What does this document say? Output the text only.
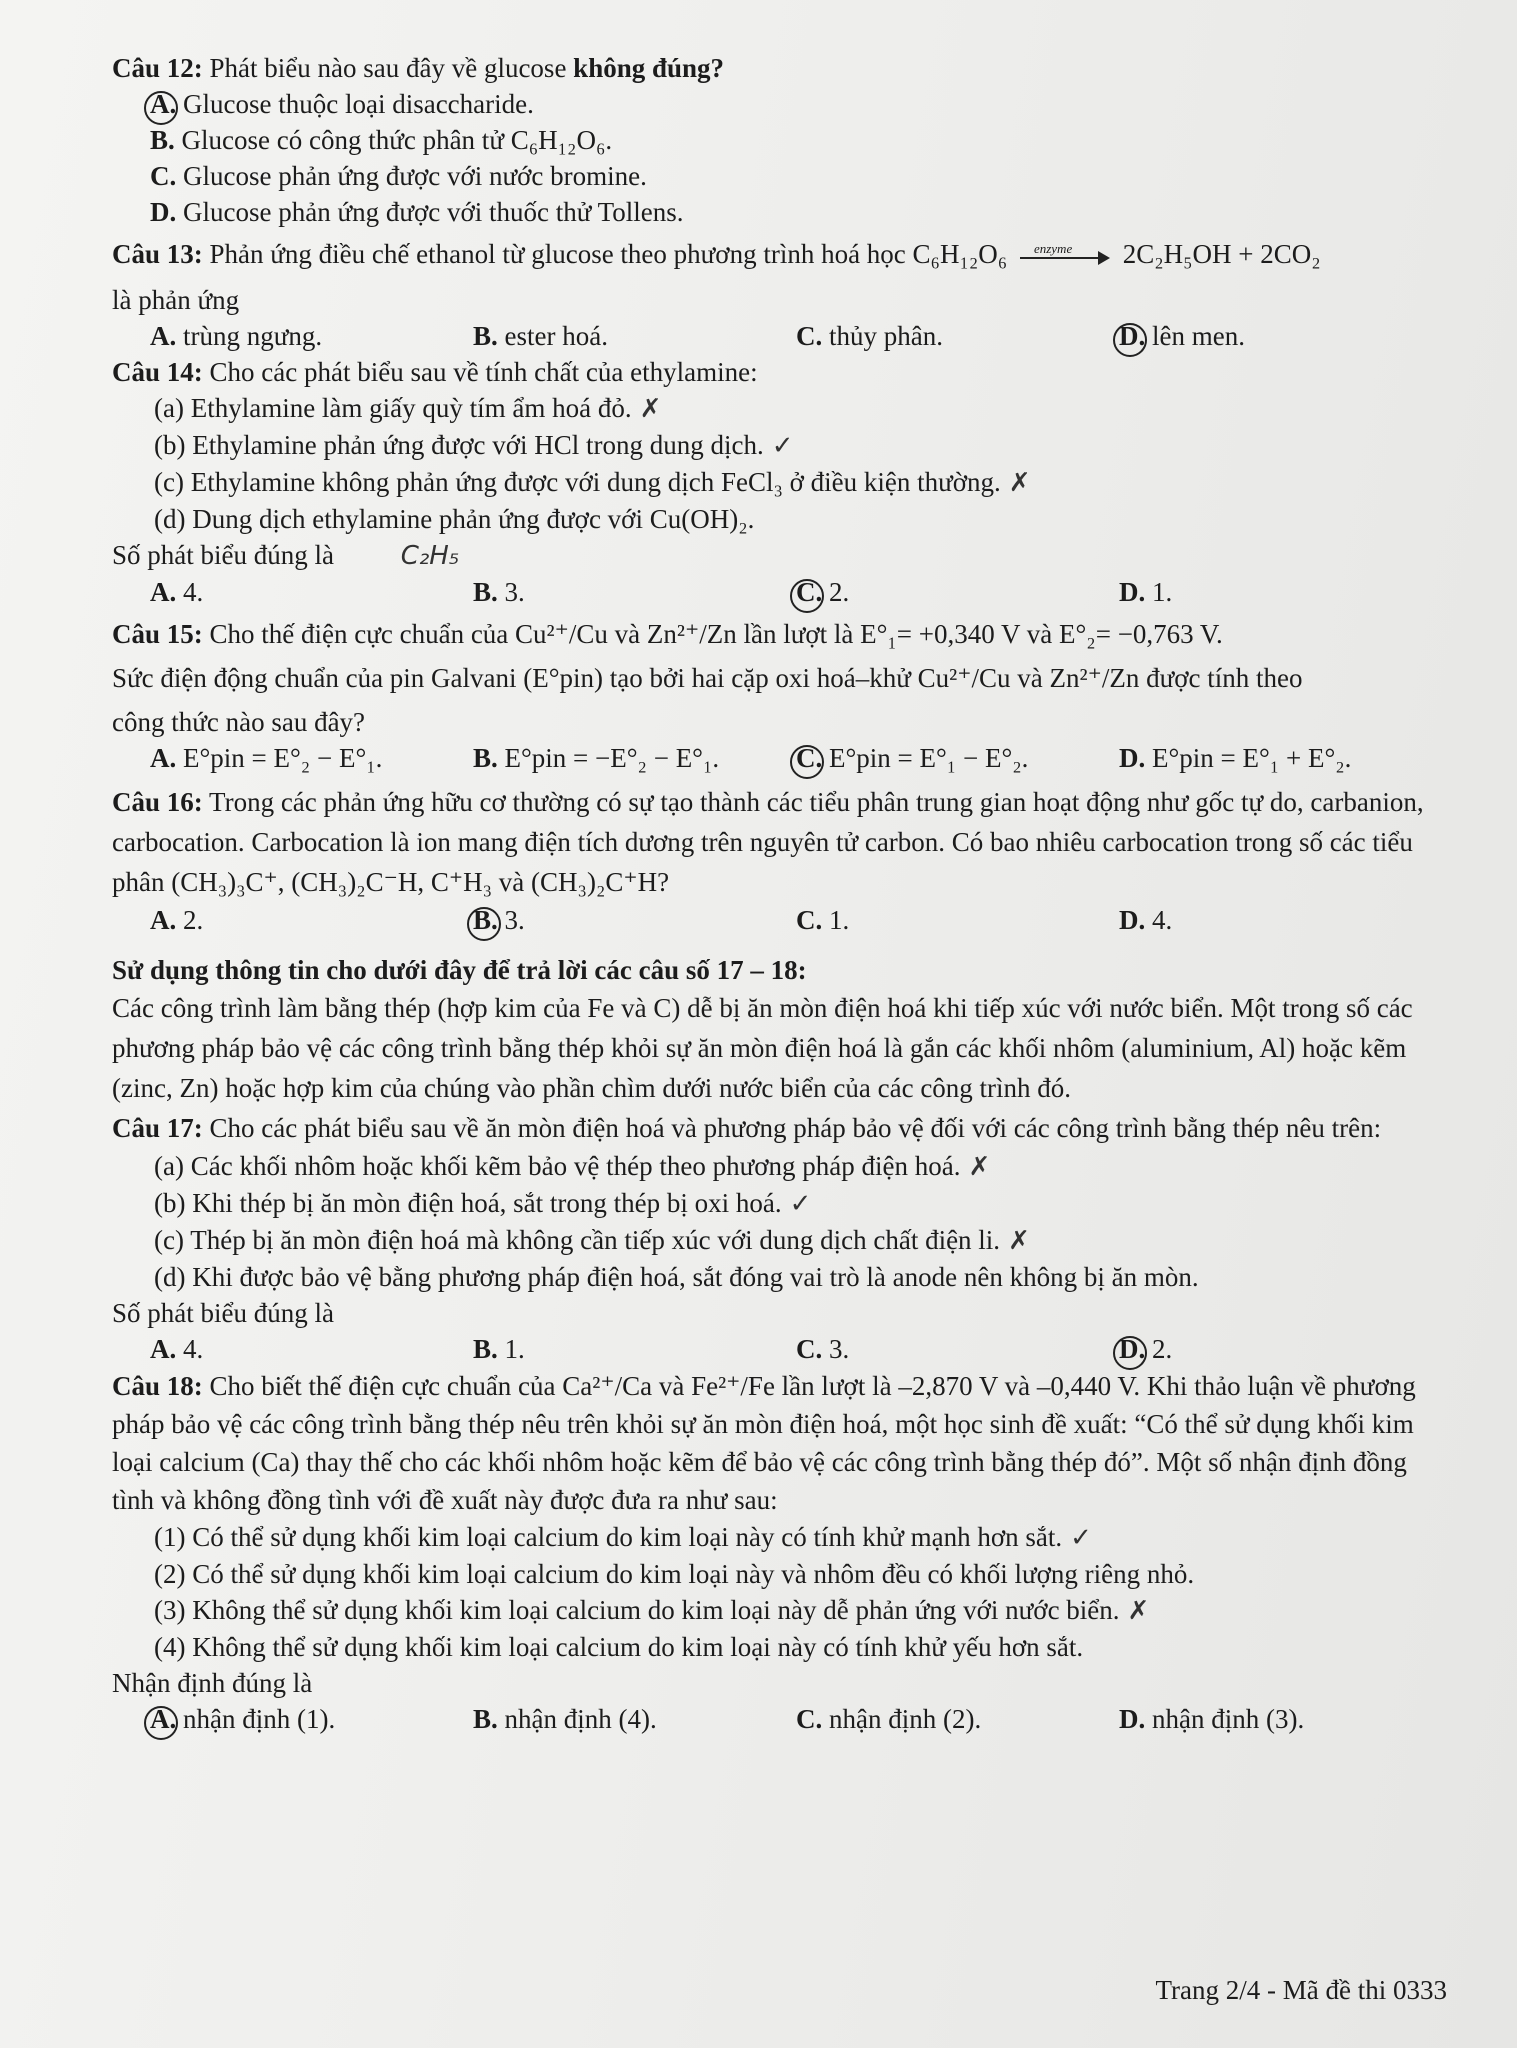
Câu 12: Phát biểu nào sau đây về glucose không đúng?

A. Glucose thuộc loại disaccharide.
B. Glucose có công thức phân tử C₆H₁₂O₆.
C. Glucose phản ứng được với nước bromine.
D. Glucose phản ứng được với thuốc thử Tollens.

Câu 13: Phản ứng điều chế ethanol từ glucose theo phương trình hoá học C₆H₁₂O₆ enzyme 2C₂H₅OH + 2CO₂

là phản ứng
A. trùng ngưng.	B. ester hoá.	C. thủy phân.	D. lên men.

Câu 14: Cho các phát biểu sau về tính chất của ethylamine:

(a) Ethylamine làm giấy quỳ tím ẩm hoá đỏ. ✗
(b) Ethylamine phản ứng được với HCl trong dung dịch. ✓
(c) Ethylamine không phản ứng được với dung dịch FeCl₃ ở điều kiện thường. ✗
(d) Dung dịch ethylamine phản ứng được với Cu(OH)₂.
Số phát biểu đúng là	C₂H₅
A. 4.	B. 3.	C. 2.	D. 1.

Câu 15: Cho thế điện cực chuẩn của Cu²⁺/Cu và Zn²⁺/Zn lần lượt là E°₁= +0,340 V và E°₂= −0,763 V.

Sức điện động chuẩn của pin Galvani (E°pin) tạo bởi hai cặp oxi hoá–khử Cu²⁺/Cu và Zn²⁺/Zn được tính theo
công thức nào sau đây?
A. E°pin = E°₂ − E°₁.	B. E°pin = −E°₂ − E°₁.	C. E°pin = E°₁ − E°₂.	D. E°pin = E°₁ + E°₂.

Câu 16: Trong các phản ứng hữu cơ thường có sự tạo thành các tiểu phân trung gian hoạt động như gốc tự do, carbanion, carbocation. Carbocation là ion mang điện tích dương trên nguyên tử carbon. Có bao nhiêu carbocation trong số các tiểu phân (CH₃)₃C⁺, (CH₃)₂C⁻H, C⁺H₃ và (CH₃)₂C⁺H?

A. 2.	B. 3.	C. 1.	D. 4.
Sử dụng thông tin cho dưới đây để trả lời các câu số 17 – 18:
Các công trình làm bằng thép (hợp kim của Fe và C) dễ bị ăn mòn điện hoá khi tiếp xúc với nước biển. Một trong số các phương pháp bảo vệ các công trình bằng thép khỏi sự ăn mòn điện hoá là gắn các khối nhôm (aluminium, Al) hoặc kẽm (zinc, Zn) hoặc hợp kim của chúng vào phần chìm dưới nước biển của các công trình đó.

Câu 17: Cho các phát biểu sau về ăn mòn điện hoá và phương pháp bảo vệ đối với các công trình bằng thép nêu trên:

(a) Các khối nhôm hoặc khối kẽm bảo vệ thép theo phương pháp điện hoá. ✗
(b) Khi thép bị ăn mòn điện hoá, sắt trong thép bị oxi hoá. ✓
(c) Thép bị ăn mòn điện hoá mà không cần tiếp xúc với dung dịch chất điện li. ✗
(d) Khi được bảo vệ bằng phương pháp điện hoá, sắt đóng vai trò là anode nên không bị ăn mòn.
Số phát biểu đúng là
A. 4.	B. 1.	C. 3.	D. 2.

Câu 18: Cho biết thế điện cực chuẩn của Ca²⁺/Ca và Fe²⁺/Fe lần lượt là –2,870 V và –0,440 V. Khi thảo luận về phương pháp bảo vệ các công trình bằng thép nêu trên khỏi sự ăn mòn điện hoá, một học sinh đề xuất: “Có thể sử dụng khối kim loại calcium (Ca) thay thế cho các khối nhôm hoặc kẽm để bảo vệ các công trình bằng thép đó”. Một số nhận định đồng tình và không đồng tình với đề xuất này được đưa ra như sau:

(1) Có thể sử dụng khối kim loại calcium do kim loại này có tính khử mạnh hơn sắt. ✓
(2) Có thể sử dụng khối kim loại calcium do kim loại này và nhôm đều có khối lượng riêng nhỏ.
(3) Không thể sử dụng khối kim loại calcium do kim loại này dễ phản ứng với nước biển. ✗
(4) Không thể sử dụng khối kim loại calcium do kim loại này có tính khử yếu hơn sắt.
Nhận định đúng là
A. nhận định (1).	B. nhận định (4).	C. nhận định (2).	D. nhận định (3).
Trang 2/4 - Mã đề thi 0333
